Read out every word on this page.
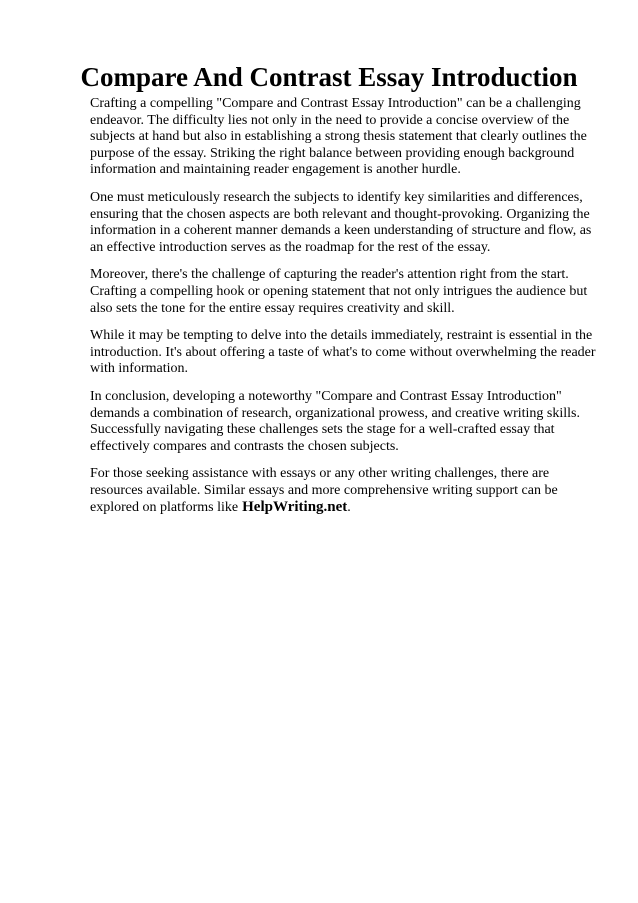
Compare And Contrast Essay Introduction

Crafting a compelling "Compare and Contrast Essay Introduction" can be a challenging endeavor. The difficulty lies not only in the need to provide a concise overview of the subjects at hand but also in establishing a strong thesis statement that clearly outlines the purpose of the essay. Striking the right balance between providing enough background information and maintaining reader engagement is another hurdle.

One must meticulously research the subjects to identify key similarities and differences, ensuring that the chosen aspects are both relevant and thought-provoking. Organizing the information in a coherent manner demands a keen understanding of structure and flow, as an effective introduction serves as the roadmap for the rest of the essay.

Moreover, there's the challenge of capturing the reader's attention right from the start. Crafting a compelling hook or opening statement that not only intrigues the audience but also sets the tone for the entire essay requires creativity and skill.

While it may be tempting to delve into the details immediately, restraint is essential in the introduction. It's about offering a taste of what's to come without overwhelming the reader with information.

In conclusion, developing a noteworthy "Compare and Contrast Essay Introduction" demands a combination of research, organizational prowess, and creative writing skills. Successfully navigating these challenges sets the stage for a well-crafted essay that effectively compares and contrasts the chosen subjects.

For those seeking assistance with essays or any other writing challenges, there are resources available. Similar essays and more comprehensive writing support can be explored on platforms like HelpWriting.net.
